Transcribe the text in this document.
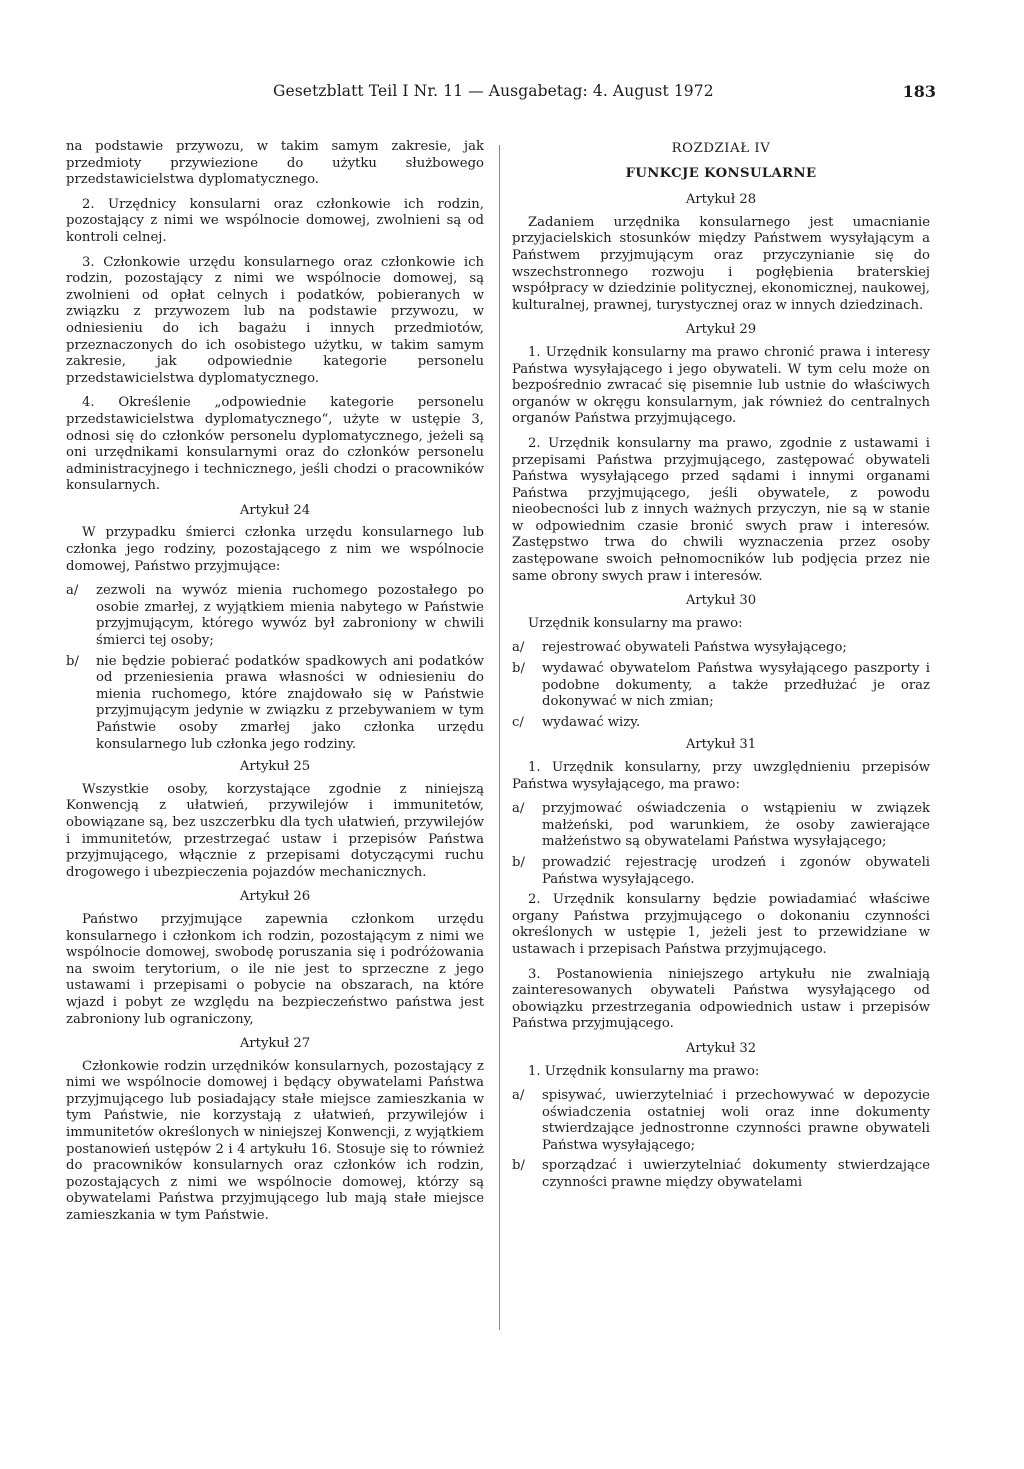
Gesetzblatt Teil I Nr. 11 — Ausgabetag: 4. August 1972	183

na podstawie przywozu, w takim samym zakresie, jak przedmioty przywiezione do użytku służbowego przedstawicielstwa dyplomatycznego.

2. Urzędnicy konsularni oraz członkowie ich rodzin, pozostający z nimi we wspólnocie domowej, zwolnieni są od kontroli celnej.

3. Członkowie urzędu konsularnego oraz członkowie ich rodzin, pozostający z nimi we wspólnocie domowej, są zwolnieni od opłat celnych i podatków, pobieranych w związku z przywozem lub na podstawie przywozu, w odniesieniu do ich bagażu i innych przedmiotów, przeznaczonych do ich osobistego użytku, w takim samym zakresie, jak odpowiednie kategorie personelu przedstawicielstwa dyplomatycznego.

4. Określenie „odpowiednie kategorie personelu przedstawicielstwa dyplomatycznego“, użyte w ustępie 3, odnosi się do członków personelu dyplomatycznego, jeżeli są oni urzędnikami konsularnymi oraz do członków personelu administracyjnego i technicznego, jeśli chodzi o pracowników konsularnych.

Artykuł 24

W przypadku śmierci członka urzędu konsularnego lub członka jego rodziny, pozostającego z nim we wspólnocie domowej, Państwo przyjmujące:

a/	zezwoli na wywóz mienia ruchomego pozostałego po osobie zmarłej, z wyjątkiem mienia nabytego w Państwie przyjmującym, którego wywóz był zabroniony w chwili śmierci tej osoby;
b/	nie będzie pobierać podatków spadkowych ani podatków od przeniesienia prawa własności w odniesieniu do mienia ruchomego, które znajdowało się w Państwie przyjmującym jedynie w związku z przebywaniem w tym Państwie osoby zmarłej jako członka urzędu konsularnego lub członka jego rodziny.
Artykuł 25

Wszystkie osoby, korzystające zgodnie z niniejszą Konwencją z ułatwień, przywilejów i immunitetów, obowiązane są, bez uszczerbku dla tych ułatwień, przywilejów i immunitetów, przestrzegać ustaw i przepisów Państwa przyjmującego, włącznie z przepisami dotyczącymi ruchu drogowego i ubezpieczenia pojazdów mechanicznych.

Artykuł 26

Państwo przyjmujące zapewnia członkom urzędu konsularnego i członkom ich rodzin, pozostającym z nimi we wspólnocie domowej, swobodę poruszania się i podróżowania na swoim terytorium, o ile nie jest to sprzeczne z jego ustawami i przepisami o pobycie na obszarach, na które wjazd i pobyt ze względu na bezpieczeństwo państwa jest zabroniony lub ograniczony,

Artykuł 27

Członkowie rodzin urzędników konsularnych, pozostający z nimi we wspólnocie domowej i będący obywatelami Państwa przyjmującego lub posiadający stałe miejsce zamieszkania w tym Państwie, nie korzystają z ułatwień, przywilejów i immunitetów określonych w niniejszej Konwencji, z wyjątkiem postanowień ustępów 2 i 4 artykułu 16. Stosuje się to również do pracowników konsularnych oraz członków ich rodzin, pozostających z nimi we wspólnocie domowej, którzy są obywatelami Państwa przyjmującego lub mają stałe miejsce zamieszkania w tym Państwie.

ROZDZIAŁ IV
FUNKCJE KONSULARNE
Artykuł 28

Zadaniem urzędnika konsularnego jest umacnianie przyjacielskich stosunków między Państwem wysyłającym a Państwem przyjmującym oraz przyczynianie się do wszechstronnego rozwoju i pogłębienia braterskiej współpracy w dziedzinie politycznej, ekonomicznej, naukowej, kulturalnej, prawnej, turystycznej oraz w innych dziedzinach.

Artykuł 29

1. Urzędnik konsularny ma prawo chronić prawa i interesy Państwa wysyłającego i jego obywateli. W tym celu może on bezpośrednio zwracać się pisemnie lub ustnie do właściwych organów w okręgu konsularnym, jak również do centralnych organów Państwa przyjmującego.

2. Urzędnik konsularny ma prawo, zgodnie z ustawami i przepisami Państwa przyjmującego, zastępować obywateli Państwa wysyłającego przed sądami i innymi organami Państwa przyjmującego, jeśli obywatele, z powodu nieobecności lub z innych ważnych przyczyn, nie są w stanie w odpowiednim czasie bronić swych praw i interesów. Zastępstwo trwa do chwili wyznaczenia przez osoby zastępowane swoich pełnomocników lub podjęcia przez nie same obrony swych praw i interesów.

Artykuł 30

Urzędnik konsularny ma prawo:

a/	rejestrować obywateli Państwa wysyłającego;
b/	wydawać obywatelom Państwa wysyłającego paszporty i podobne dokumenty, a także przedłużać je oraz dokonywać w nich zmian;
c/	wydawać wizy.
Artykuł 31

1. Urzędnik konsularny, przy uwzględnieniu przepisów Państwa wysyłającego, ma prawo:

a/	przyjmować oświadczenia o wstąpieniu w związek małżeński, pod warunkiem, że osoby zawierające małżeństwo są obywatelami Państwa wysyłającego;
b/	prowadzić rejestrację urodzeń i zgonów obywateli Państwa wysyłającego.

2. Urzędnik konsularny będzie powiadamiać właściwe organy Państwa przyjmującego o dokonaniu czynności określonych w ustępie 1, jeżeli jest to przewidziane w ustawach i przepisach Państwa przyjmującego.

3. Postanowienia niniejszego artykułu nie zwalniają zainteresowanych obywateli Państwa wysyłającego od obowiązku przestrzegania odpowiednich ustaw i przepisów Państwa przyjmującego.

Artykuł 32

1. Urzędnik konsularny ma prawo:

a/	spisywać, uwierzytelniać i przechowywać w depozycie oświadczenia ostatniej woli oraz inne dokumenty stwierdzające jednostronne czynności prawne obywateli Państwa wysyłającego;
b/	sporządzać i uwierzytelniać dokumenty stwierdzające czynności prawne między obywatelami
